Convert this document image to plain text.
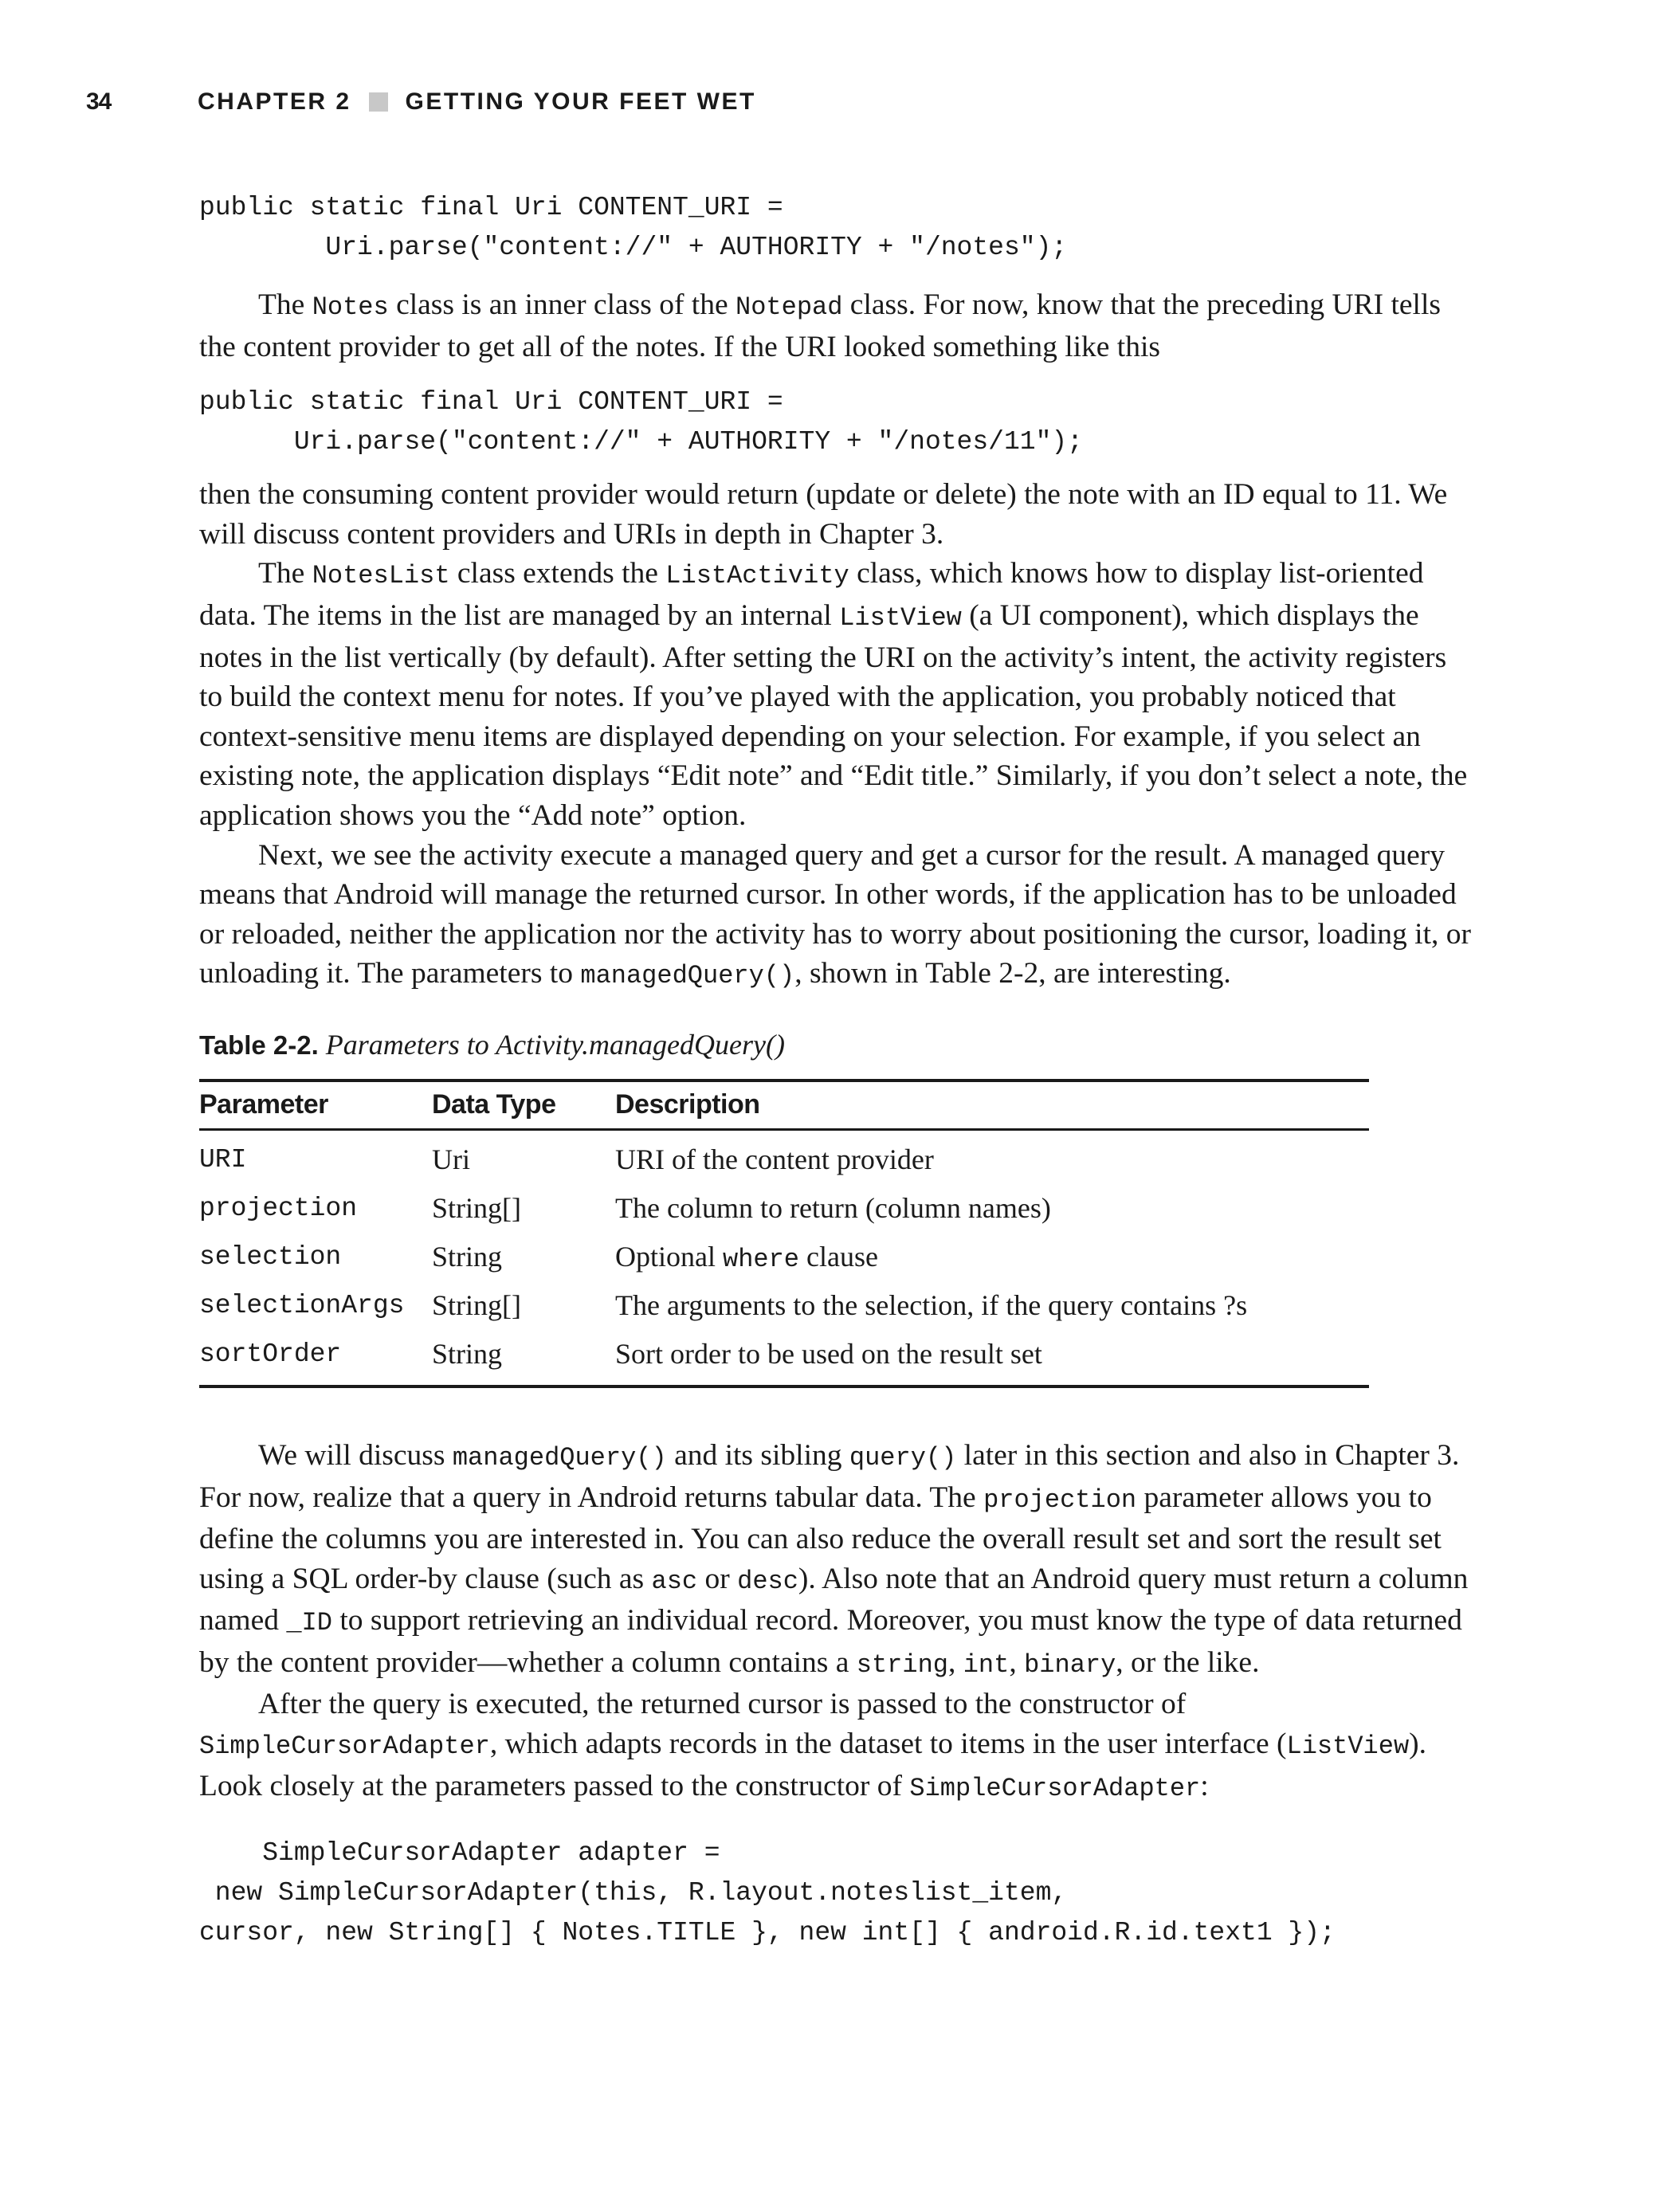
34	CHAPTER 2 GETTING YOUR FEET WET
public static final Uri CONTENT_URI =
Uri.parse("content://" + AUTHORITY + "/notes");

The Notes class is an inner class of the Notepad class. For now, know that the preceding URI tells the content provider to get all of the notes. If the URI looked something like this

public static final Uri CONTENT_URI =
Uri.parse("content://" + AUTHORITY + "/notes/11");

then the consuming content provider would return (update or delete) the note with an ID equal to 11. We will discuss content providers and URIs in depth in Chapter 3.

The NotesList class extends the ListActivity class, which knows how to display list-oriented data. The items in the list are managed by an internal ListView (a UI component), which displays the notes in the list vertically (by default). After setting the URI on the activity’s intent, the activity registers to build the context menu for notes. If you’ve played with the application, you probably noticed that context-sensitive menu items are displayed depending on your selection. For example, if you select an existing note, the application displays “Edit note” and “Edit title.” Similarly, if you don’t select a note, the application shows you the “Add note” option.

Next, we see the activity execute a managed query and get a cursor for the result. A managed query means that Android will manage the returned cursor. In other words, if the application has to be unloaded or reloaded, neither the application nor the activity has to worry about positioning the cursor, loading it, or unloading it. The parameters to managedQuery(), shown in Table 2-2, are interesting.

Table 2-2. Parameters to Activity.managedQuery()
Parameter	Data Type	Description
URI	Uri	URI of the content provider
projection	String[]	The column to return (column names)
selection	String	Optional where clause
selectionArgs	String[]	The arguments to the selection, if the query contains ?s
sortOrder	String	Sort order to be used on the result set

We will discuss managedQuery() and its sibling query() later in this section and also in Chapter 3. For now, realize that a query in Android returns tabular data. The projection parameter allows you to define the columns you are interested in. You can also reduce the overall result set and sort the result set using a SQL order-by clause (such as asc or desc). Also note that an Android query must return a column named _ID to support retrieving an individual record. Moreover, you must know the type of data returned by the content provider—whether a column contains a string, int, binary, or the like.

After the query is executed, the returned cursor is passed to the constructor of SimpleCursorAdapter, which adapts records in the dataset to items in the user interface (ListView). Look closely at the parameters passed to the constructor of SimpleCursorAdapter:

SimpleCursorAdapter adapter =
new SimpleCursorAdapter(this, R.layout.noteslist_item,
cursor, new String[] { Notes.TITLE }, new int[] { android.R.id.text1 });
